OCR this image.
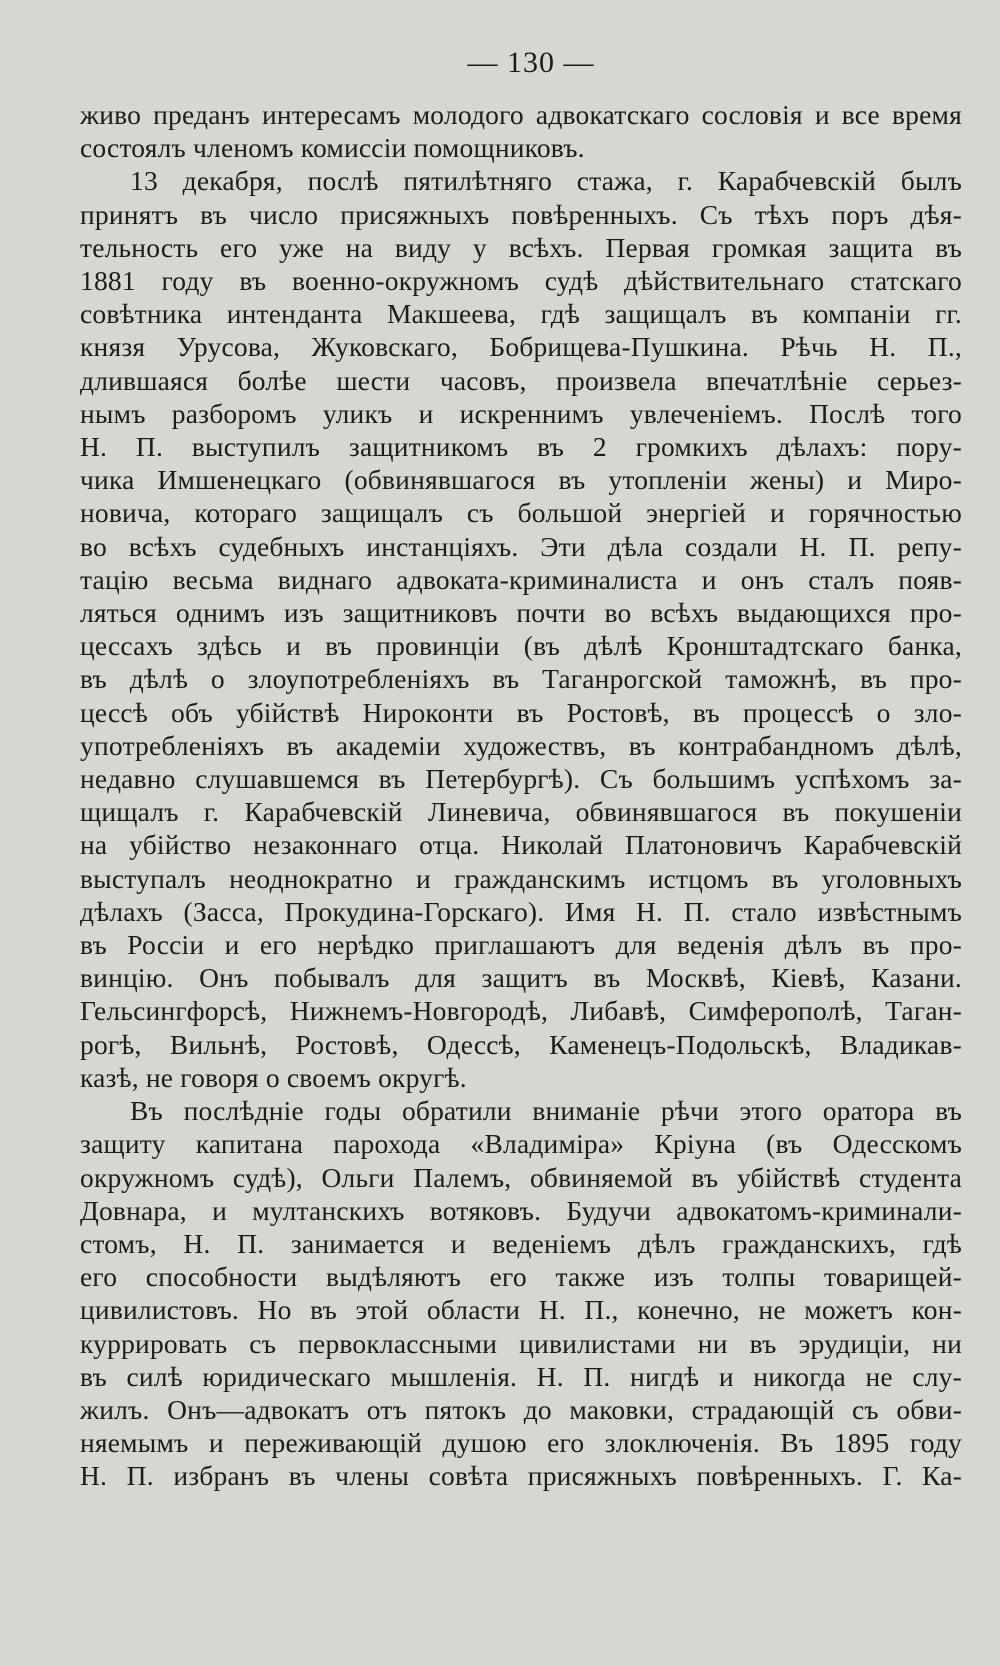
— 130 —

живо преданъ интересамъ молодого адвокатскаго сословія и все время

состоялъ членомъ комиссіи помощниковъ.

13 декабря, послѣ пятилѣтняго стажа, г. Карабчевскій былъ

принятъ въ число присяжныхъ повѣренныхъ. Съ тѣхъ поръ дѣя-

тельность его уже на виду у всѣхъ. Первая громкая защита въ

1881 году въ военно-окружномъ судѣ дѣйствительнаго статскаго

совѣтника интенданта Макшеева, гдѣ защищалъ въ компаніи гг.

князя Урусова, Жуковскаго, Бобрищева-Пушкина. Рѣчь Н. П.,

длившаяся болѣе шести часовъ, произвела впечатлѣніе серьез-

нымъ разборомъ уликъ и искреннимъ увлеченіемъ. Послѣ того

Н. П. выступилъ защитникомъ въ 2 громкихъ дѣлахъ: пору-

чика Имшенецкаго (обвинявшагося въ утопленіи жены) и Миро-

новича, котораго защищалъ съ большой энергіей и горячностью

во всѣхъ судебныхъ инстанціяхъ. Эти дѣла создали Н. П. репу-

тацію весьма виднаго адвоката-криминалиста и онъ сталъ появ-

ляться однимъ изъ защитниковъ почти во всѣхъ выдающихся про-

цессахъ здѣсь и въ провинціи (въ дѣлѣ Кронштадтскаго банка,

въ дѣлѣ о злоупотребленіяхъ въ Таганрогской таможнѣ, въ про-

цессѣ объ убійствѣ Нироконти въ Ростовѣ, въ процессѣ о зло-

употребленіяхъ въ академіи художествъ, въ контрабандномъ дѣлѣ,

недавно слушавшемся въ Петербургѣ). Съ большимъ успѣхомъ за-

щищалъ г. Карабчевскій Линевича, обвинявшагося въ покушеніи

на убійство незаконнаго отца. Николай Платоновичъ Карабчевскій

выступалъ неоднократно и гражданскимъ истцомъ въ уголовныхъ

дѣлахъ (Засса, Прокудина-Горскаго). Имя Н. П. стало извѣстнымъ

въ Россіи и его нерѣдко приглашаютъ для веденія дѣлъ въ про-

винцію. Онъ побывалъ для защитъ въ Москвѣ, Кіевѣ, Казани.

Гельсингфорсѣ, Нижнемъ-Новгородѣ, Либавѣ, Симферополѣ, Таган-

рогѣ, Вильнѣ, Ростовѣ, Одессѣ, Каменецъ-Подольскѣ, Владикав-

казѣ, не говоря о своемъ округѣ.

Въ послѣдніе годы обратили вниманіе рѣчи этого оратора въ

защиту капитана парохода «Владиміра» Кріуна (въ Одесскомъ

окружномъ судѣ), Ольги Палемъ, обвиняемой въ убійствѣ студента

Довнара, и мултанскихъ вотяковъ. Будучи адвокатомъ-криминали-

стомъ, Н. П. занимается и веденіемъ дѣлъ гражданскихъ, гдѣ

его способности выдѣляютъ его также изъ толпы товарищей-

цивилистовъ. Но въ этой области Н. П., конечно, не можетъ кон-

куррировать съ первоклассными цивилистами ни въ эрудиціи, ни

въ силѣ юридическаго мышленія. Н. П. нигдѣ и никогда не слу-

жилъ. Онъ—адвокатъ отъ пятокъ до маковки, страдающій съ обви-

няемымъ и переживающій душою его злоключенія. Въ 1895 году

Н. П. избранъ въ члены совѣта присяжныхъ повѣренныхъ. Г. Ка-
